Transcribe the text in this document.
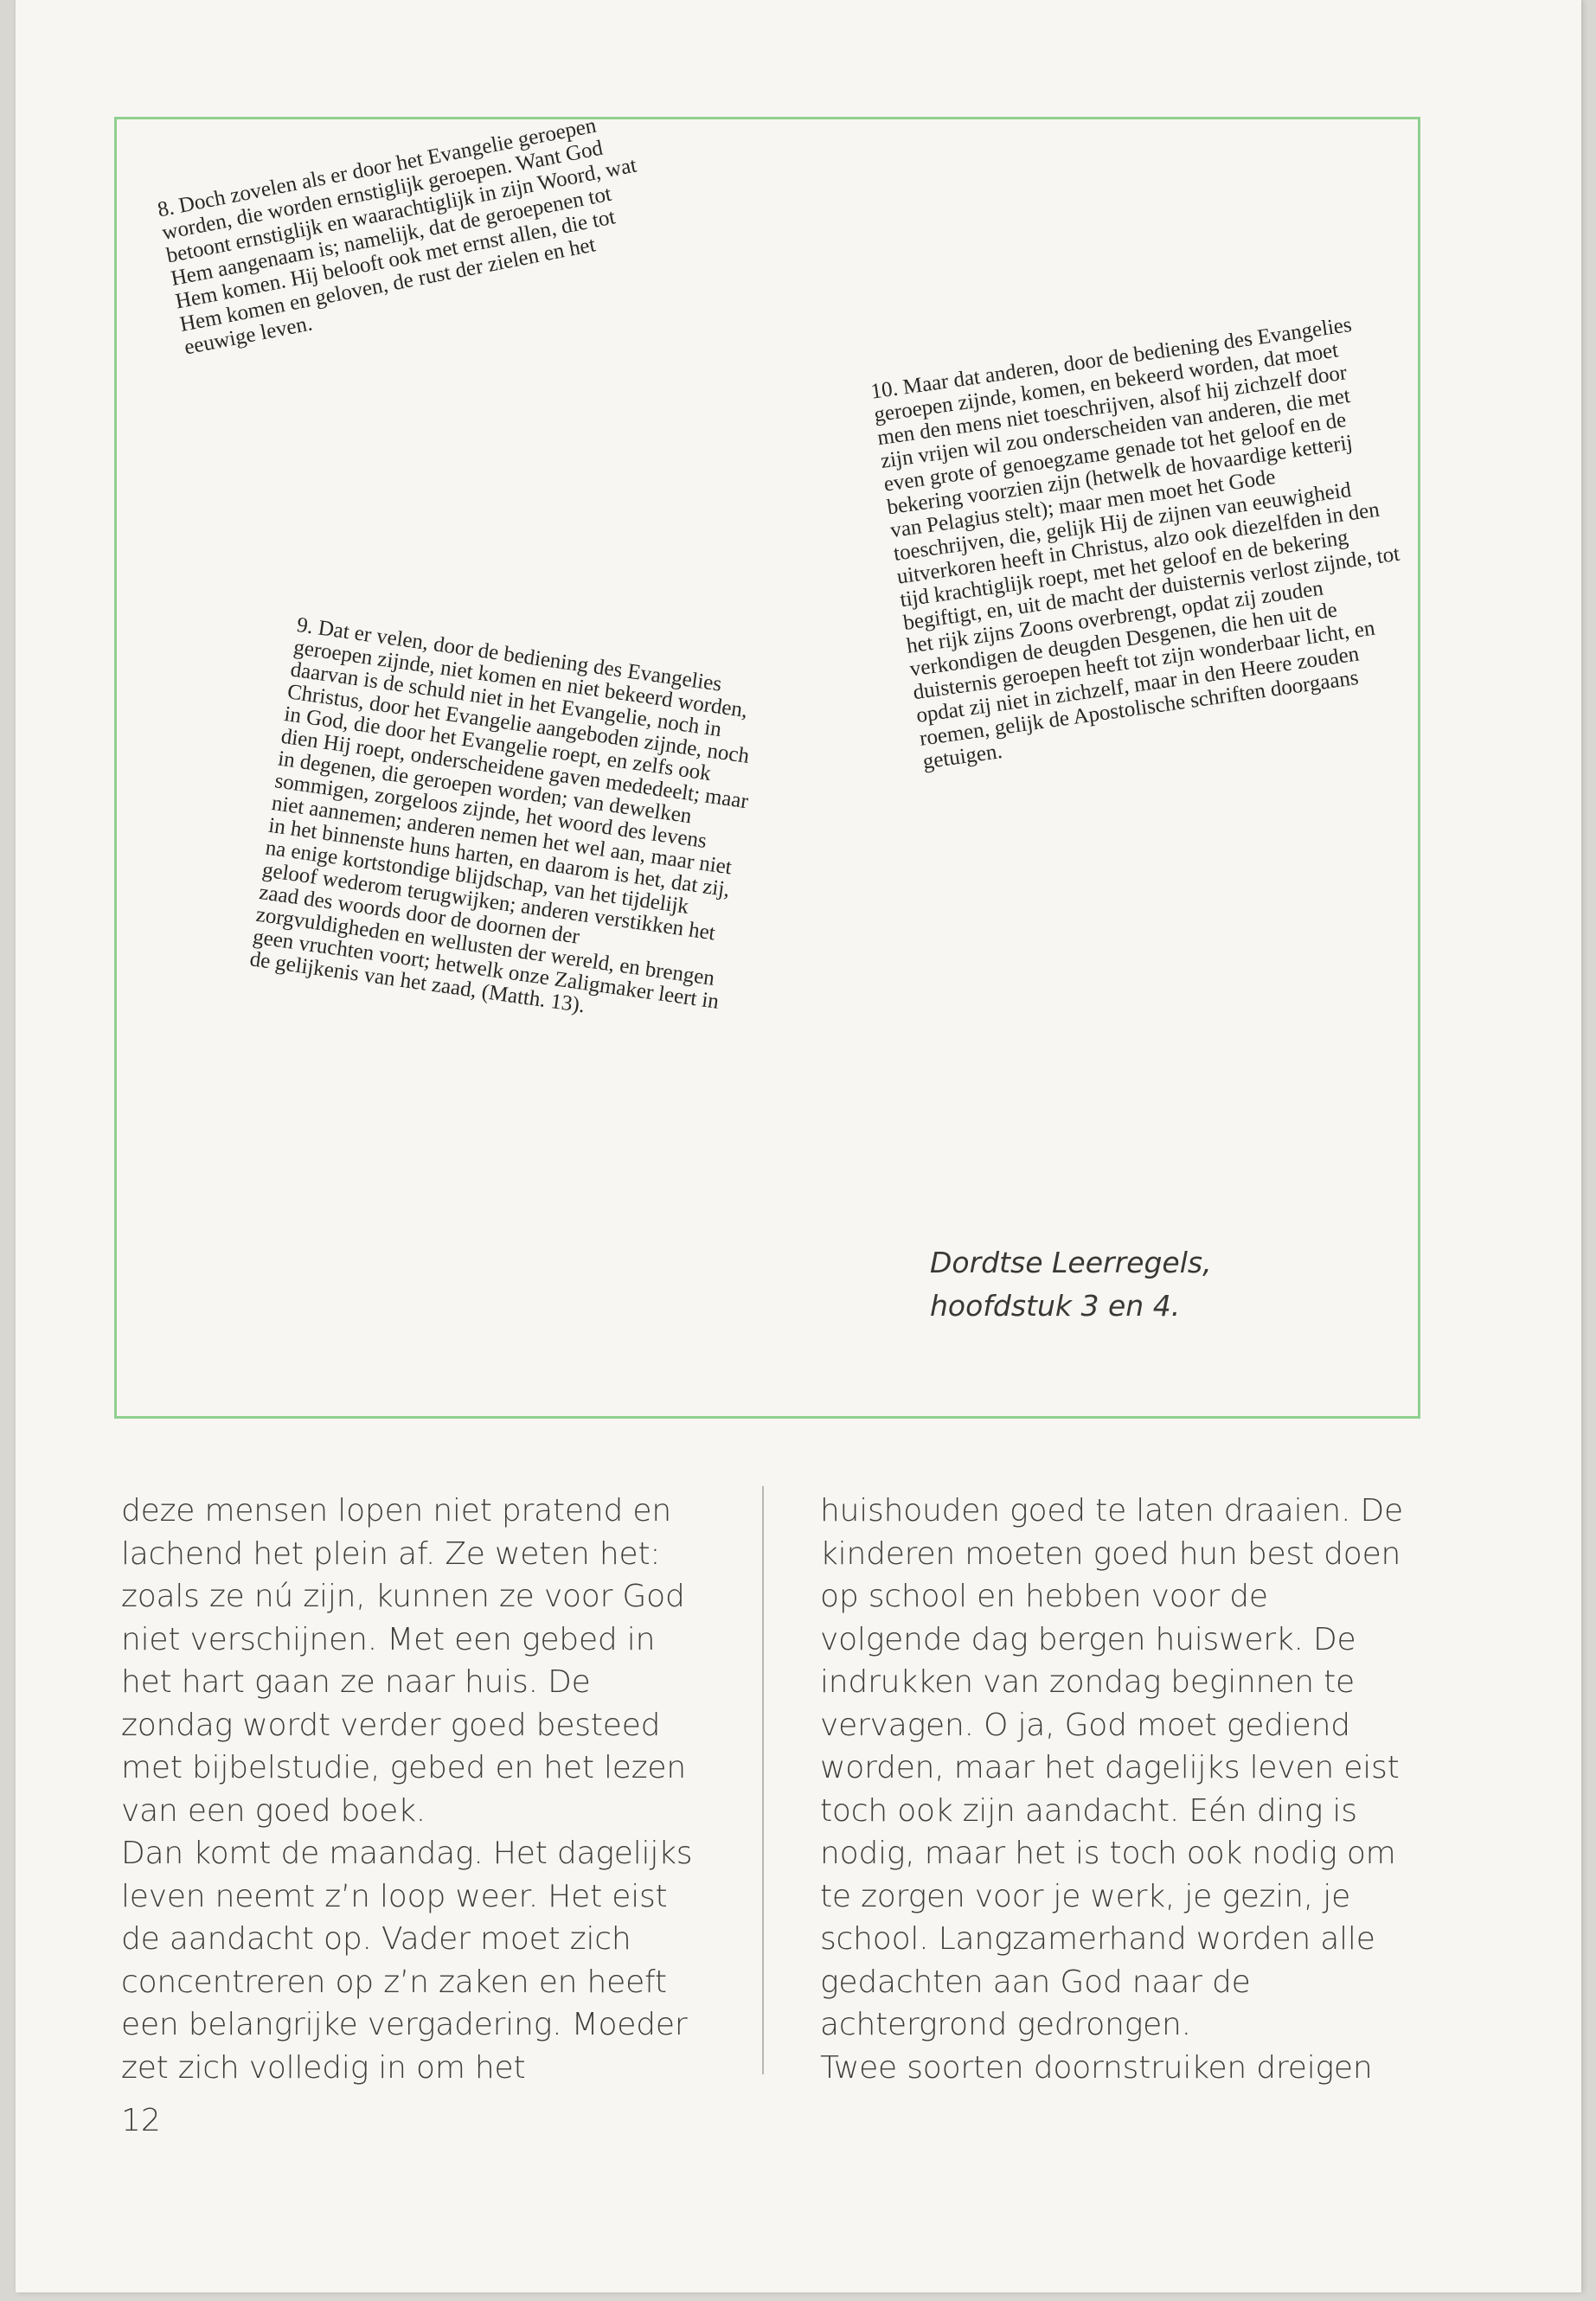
8. Doch zovelen als er door het Evangelie geroepen worden, die worden ernstiglijk geroepen. Want God betoont ernstiglijk en waarachtiglijk in zijn Woord, wat Hem aangenaam is; namelijk, dat de geroepenen tot Hem komen. Hij belooft ook met ernst allen, die tot Hem komen en geloven, de rust der zielen en het eeuwige leven.

9. Dat er velen, door de bediening des Evangelies geroepen zijnde, niet komen en niet bekeerd worden, daarvan is de schuld niet in het Evangelie, noch in Christus, door het Evangelie aangeboden zijnde, noch in God, die door het Evangelie roept, en zelfs ook dien Hij roept, onderscheidene gaven mededeelt; maar in degenen, die geroepen worden; van dewelken sommigen, zorgeloos zijnde, het woord des levens niet aannemen; anderen nemen het wel aan, maar niet in het binnenste huns harten, en daarom is het, dat zij, na enige kortstondige blijdschap, van het tijdelijk geloof wederom terugwijken; anderen verstikken het zaad des woords door de doornen der zorgvuldigheden en wellusten der wereld, en brengen geen vruchten voort; hetwelk onze Zaligmaker leert in de gelijkenis van het zaad, (Matth. 13).

10. Maar dat anderen, door de bediening des Evangelies geroepen zijnde, komen, en bekeerd worden, dat moet men den mens niet toeschrijven, alsof hij zichzelf door zijn vrijen wil zou onderscheiden van anderen, die met even grote of genoegzame genade tot het geloof en de bekering voorzien zijn (hetwelk de hovaardige ketterij van Pelagius stelt); maar men moet het Gode toeschrijven, die, gelijk Hij de zijnen van eeuwigheid uitverkoren heeft in Christus, alzo ook diezelfden in den tijd krachtiglijk roept, met het geloof en de bekering begiftigt, en, uit de macht der duisternis verlost zijnde, tot het rijk zijns Zoons overbrengt, opdat zij zouden verkondigen de deugden Desgenen, die hen uit de duisternis geroepen heeft tot zijn wonderbaar licht, en opdat zij niet in zichzelf, maar in den Heere zouden roemen, gelijk de Apostolische schriften doorgaans getuigen.

Dordtse Leerregels,
hoofdstuk 3 en 4.
deze mensen lopen niet pratend en
lachend het plein af. Ze weten het:
zoals ze nú zijn, kunnen ze voor God
niet verschijnen. Met een gebed in
het hart gaan ze naar huis. De
zondag wordt verder goed besteed
met bijbelstudie, gebed en het lezen
van een goed boek.
Dan komt de maandag. Het dagelijks
leven neemt z’n loop weer. Het eist
de aandacht op. Vader moet zich
concentreren op z’n zaken en heeft
een belangrijke vergadering. Moeder
zet zich volledig in om het
huishouden goed te laten draaien. De
kinderen moeten goed hun best doen
op school en hebben voor de
volgende dag bergen huiswerk. De
indrukken van zondag beginnen te
vervagen. O ja, God moet gediend
worden, maar het dagelijks leven eist
toch ook zijn aandacht. Eén ding is
nodig, maar het is toch ook nodig om
te zorgen voor je werk, je gezin, je
school. Langzamerhand worden alle
gedachten aan God naar de
achtergrond gedrongen.
Twee soorten doornstruiken dreigen
12
